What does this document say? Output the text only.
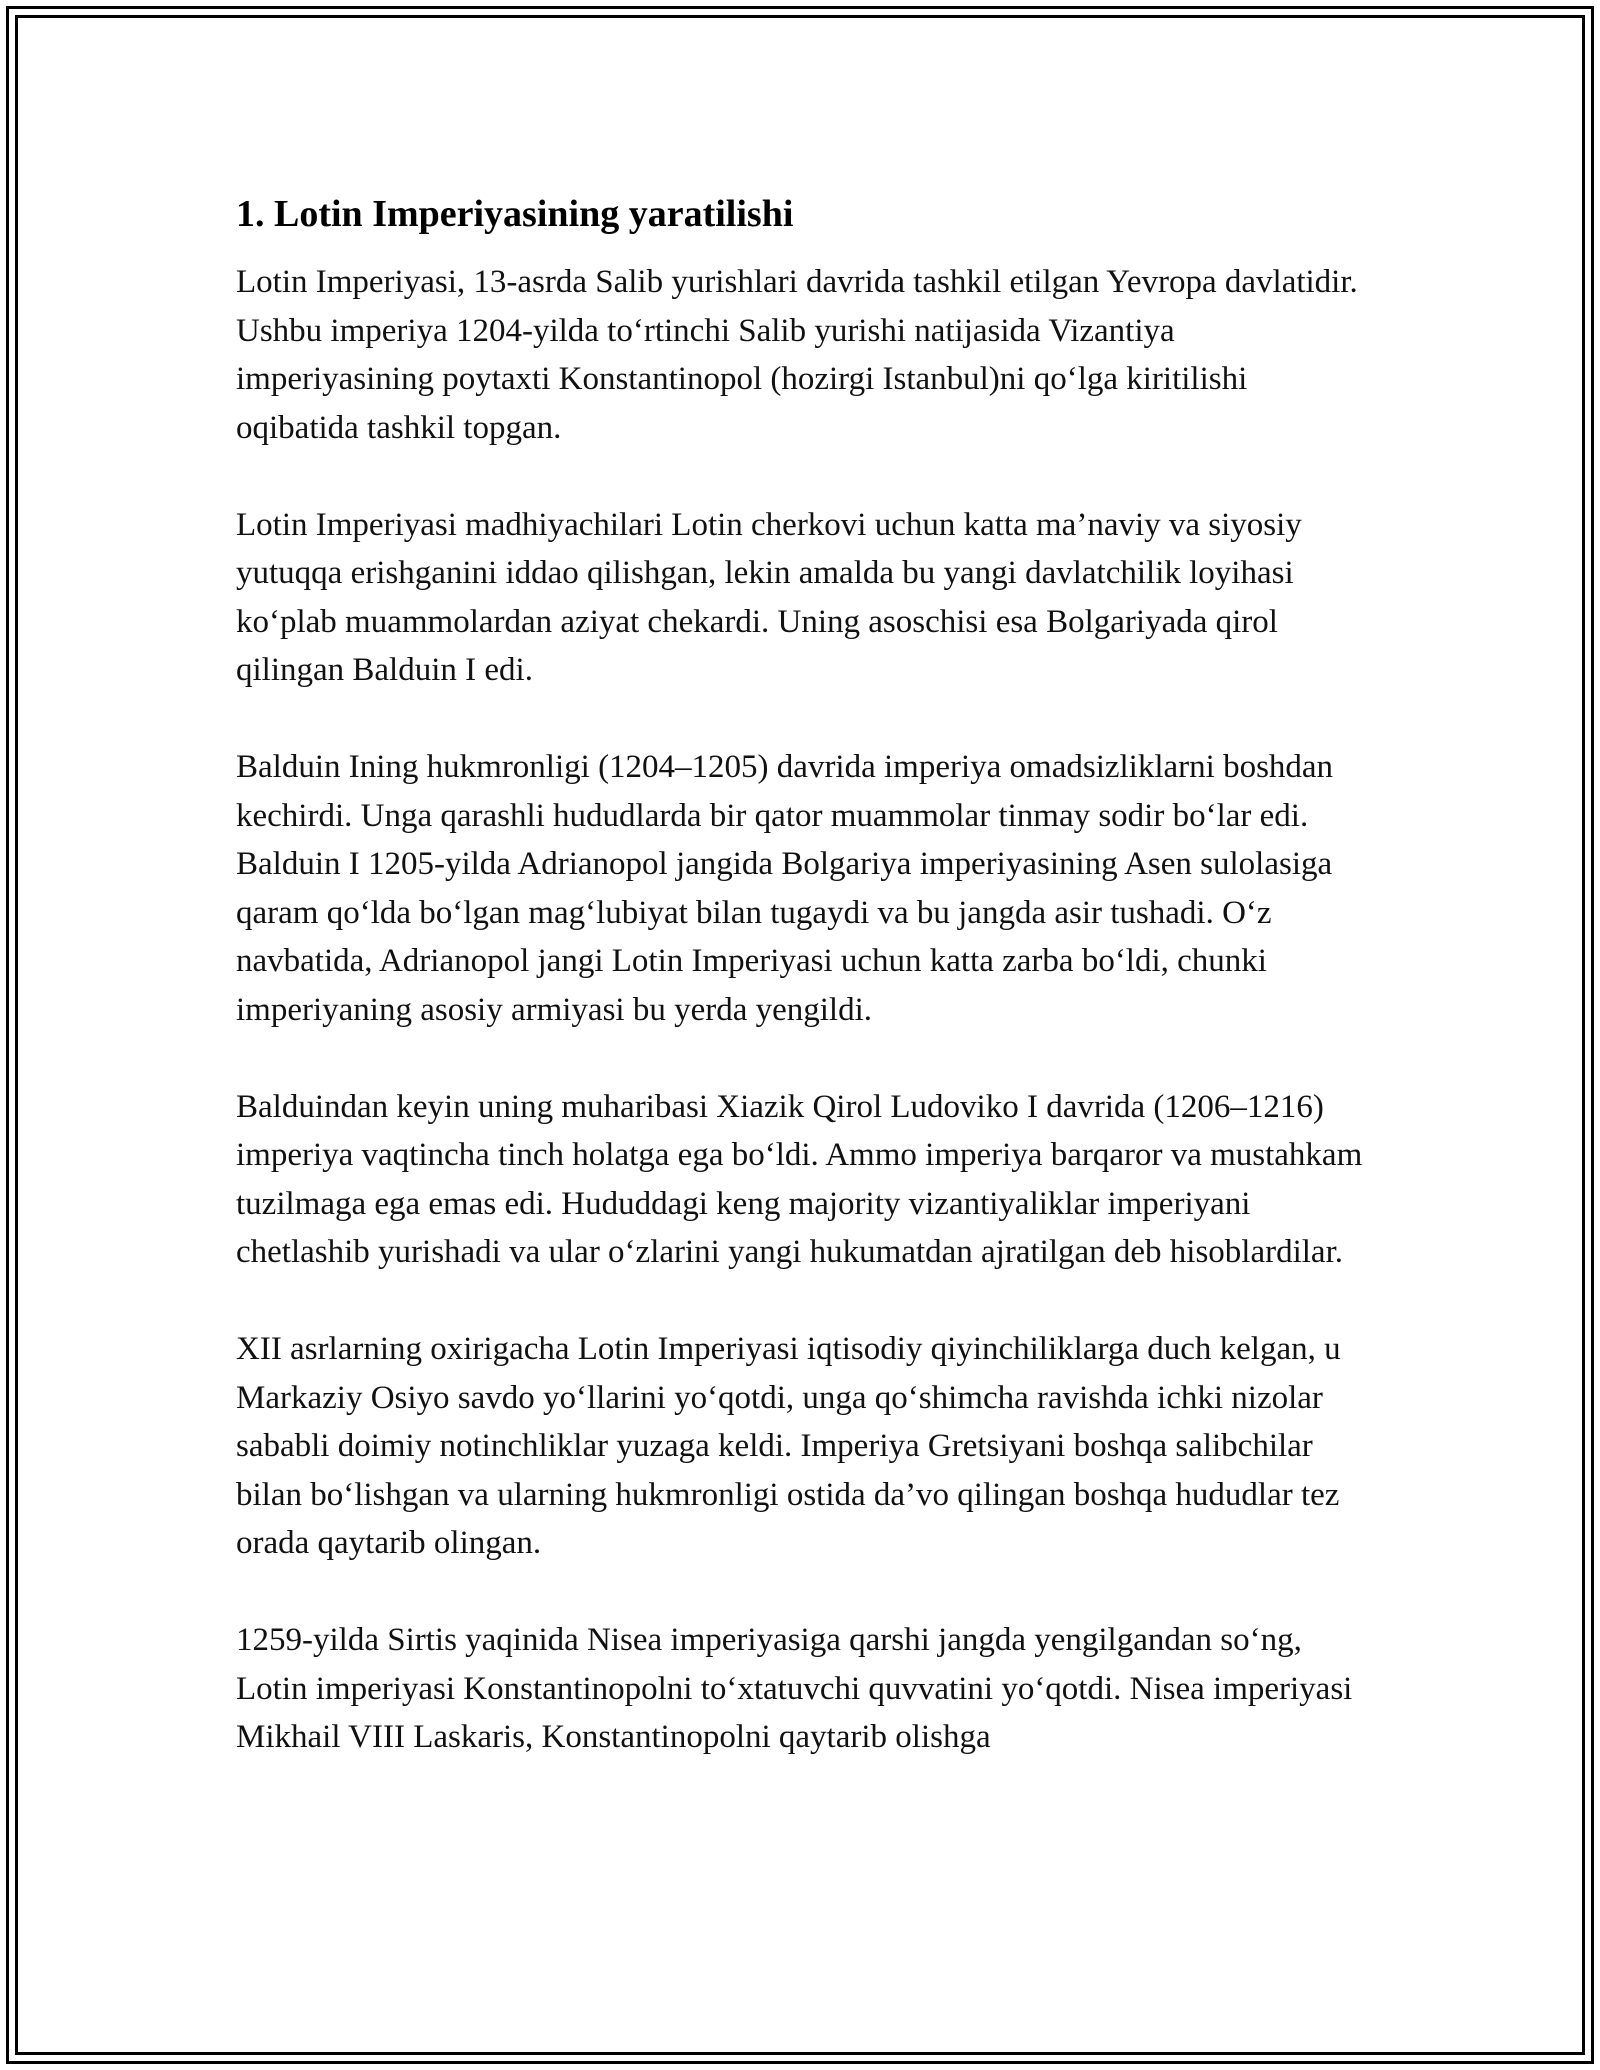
1. Lotin Imperiyasining yaratilishi

Lotin Imperiyasi, 13-asrda Salib yurishlari davrida tashkil etilgan Yevropa davlatidir. Ushbu imperiya 1204-yilda to‘rtinchi Salib yurishi natijasida Vizantiya imperiyasining poytaxti Konstantinopol (hozirgi Istanbul)ni qo‘lga kiritilishi oqibatida tashkil topgan.

Lotin Imperiyasi madhiyachilari Lotin cherkovi uchun katta ma’naviy va siyosiy yutuqqa erishganini iddao qilishgan, lekin amalda bu yangi davlatchilik loyihasi ko‘plab muammolardan aziyat chekardi. Uning asoschisi esa Bolgariyada qirol qilingan Balduin I edi.

Balduin Ining hukmronligi (1204–1205) davrida imperiya omadsizliklarni boshdan kechirdi. Unga qarashli hududlarda bir qator muammolar tinmay sodir bo‘lar edi. Balduin I 1205-yilda Adrianopol jangida Bolgariya imperiyasining Asen sulolasiga qaram qo‘lda bo‘lgan mag‘lubiyat bilan tugaydi va bu jangda asir tushadi. O‘z navbatida, Adrianopol jangi Lotin Imperiyasi uchun katta zarba bo‘ldi, chunki imperiyaning asosiy armiyasi bu yerda yengildi.

Balduindan keyin uning muharibasi Xiazik Qirol Ludoviko I davrida (1206–1216) imperiya vaqtincha tinch holatga ega bo‘ldi. Ammo imperiya barqaror va mustahkam tuzilmaga ega emas edi. Hududdagi keng majority vizantiyaliklar imperiyani chetlashib yurishadi va ular o‘zlarini yangi hukumatdan ajratilgan deb hisoblardilar.

XII asrlarning oxirigacha Lotin Imperiyasi iqtisodiy qiyinchiliklarga duch kelgan, u Markaziy Osiyo savdo yo‘llarini yo‘qotdi, unga qo‘shimcha ravishda ichki nizolar sababli doimiy notinchliklar yuzaga keldi. Imperiya Gretsiyani boshqa salibchilar bilan bo‘lishgan va ularning hukmronligi ostida da’vo qilingan boshqa hududlar tez orada qaytarib olingan.

1259-yilda Sirtis yaqinida Nisea imperiyasiga qarshi jangda yengilgandan so‘ng, Lotin imperiyasi Konstantinopolni to‘xtatuvchi quvvatini yo‘qotdi. Nisea imperiyasi Mikhail VIII Laskaris, Konstantinopolni qaytarib olishga
